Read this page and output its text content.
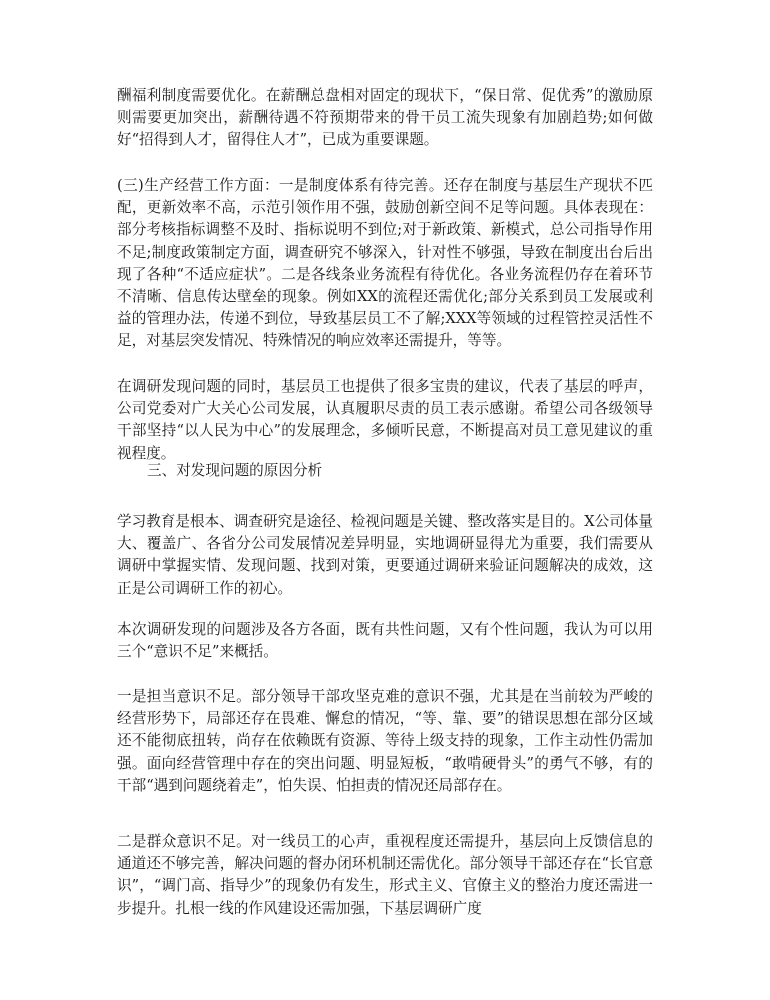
酬福利制度需要优化。在薪酬总盘相对固定的现状下，“保日常、促优秀”的激励原则需要更加突出，薪酬待遇不符预期带来的骨干员工流失现象有加剧趋势;如何做好“招得到人才，留得住人才”，已成为重要课题。

(三)生产经营工作方面：一是制度体系有待完善。还存在制度与基层生产现状不匹配，更新效率不高，示范引领作用不强，鼓励创新空间不足等问题。具体表现在：部分考核指标调整不及时、指标说明不到位;对于新政策、新模式，总公司指导作用不足;制度政策制定方面，调查研究不够深入，针对性不够强，导致在制度出台后出现了各种“不适应症状”。二是各线条业务流程有待优化。各业务流程仍存在着环节不清晰、信息传达壁垒的现象。例如XX的流程还需优化;部分关系到员工发展或利益的管理办法，传递不到位，导致基层员工不了解;XXX等领域的过程管控灵活性不足，对基层突发情况、特殊情况的响应效率还需提升，等等。

在调研发现问题的同时，基层员工也提供了很多宝贵的建议，代表了基层的呼声，公司党委对广大关心公司发展，认真履职尽责的员工表示感谢。希望公司各级领导干部坚持“以人民为中心”的发展理念，多倾听民意，不断提高对员工意见建议的重视程度。

三、对发现问题的原因分析

学习教育是根本、调查研究是途径、检视问题是关键、整改落实是目的。X公司体量大、覆盖广、各省分公司发展情况差异明显，实地调研显得尤为重要，我们需要从调研中掌握实情、发现问题、找到对策，更要通过调研来验证问题解决的成效，这正是公司调研工作的初心。

本次调研发现的问题涉及各方各面，既有共性问题，又有个性问题，我认为可以用三个“意识不足”来概括。

一是担当意识不足。部分领导干部攻坚克难的意识不强，尤其是在当前较为严峻的经营形势下，局部还存在畏难、懈怠的情况，“等、靠、要”的错误思想在部分区域还不能彻底扭转，尚存在依赖既有资源、等待上级支持的现象，工作主动性仍需加强。面向经营管理中存在的突出问题、明显短板，“敢啃硬骨头”的勇气不够，有的干部“遇到问题绕着走”，怕失误、怕担责的情况还局部存在。

二是群众意识不足。对一线员工的心声，重视程度还需提升，基层向上反馈信息的通道还不够完善，解决问题的督办闭环机制还需优化。部分领导干部还存在“长官意识”，“调门高、指导少”的现象仍有发生，形式主义、官僚主义的整治力度还需进一步提升。扎根一线的作风建设还需加强，下基层调研广度
